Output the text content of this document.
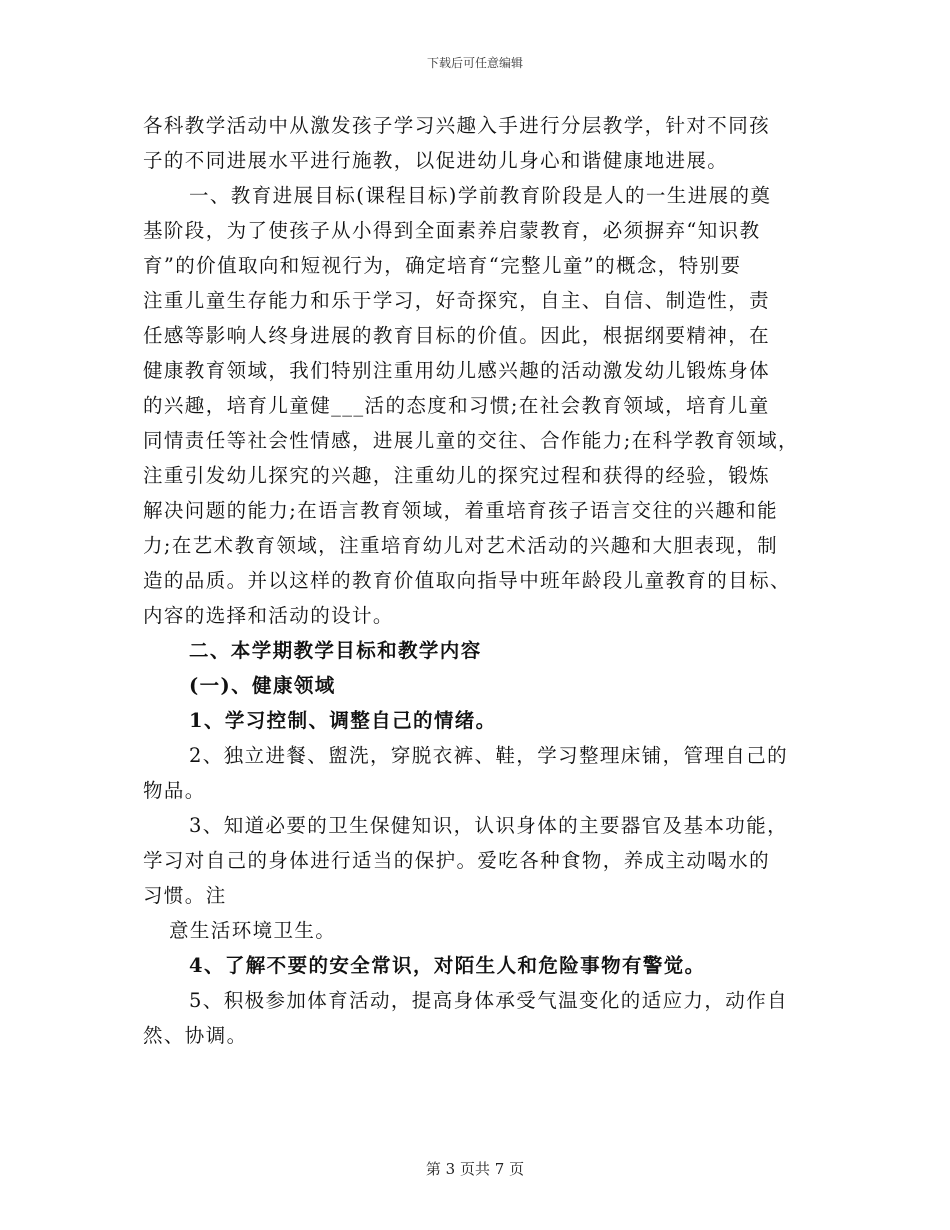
下载后可任意编辑
各科教学活动中从激发孩子学习兴趣入手进行分层教学，针对不同孩
子的不同进展水平进行施教，以促进幼儿身心和谐健康地进展。
一、教育进展目标(课程目标)学前教育阶段是人的一生进展的奠
基阶段，为了使孩子从小得到全面素养启蒙教育，必须摒弃“知识教
育”的价值取向和短视行为，确定培育“完整儿童”的概念，特别要
注重儿童生存能力和乐于学习，好奇探究，自主、自信、制造性，责
任感等影响人终身进展的教育目标的价值。因此，根据纲要精神，在
健康教育领域，我们特别注重用幼儿感兴趣的活动激发幼儿锻炼身体
的兴趣，培育儿童健___活的态度和习惯;在社会教育领域，培育儿童
同情责任等社会性情感，进展儿童的交往、合作能力;在科学教育领域，
注重引发幼儿探究的兴趣，注重幼儿的探究过程和获得的经验，锻炼
解决问题的能力;在语言教育领域，着重培育孩子语言交往的兴趣和能
力;在艺术教育领域，注重培育幼儿对艺术活动的兴趣和大胆表现，制
造的品质。并以这样的教育价值取向指导中班年龄段儿童教育的目标、
内容的选择和活动的设计。
二、本学期教学目标和教学内容
(一)、健康领域
1、学习控制、调整自己的情绪。
2、独立进餐、盥洗，穿脱衣裤、鞋，学习整理床铺，管理自己的
物品。
3、知道必要的卫生保健知识，认识身体的主要器官及基本功能，
学习对自己的身体进行适当的保护。爱吃各种食物，养成主动喝水的
习惯。注
意生活环境卫生。
4、了解不要的安全常识，对陌生人和危险事物有警觉。
5、积极参加体育活动，提高身体承受气温变化的适应力，动作自
然、协调。
第 3 页共 7 页
